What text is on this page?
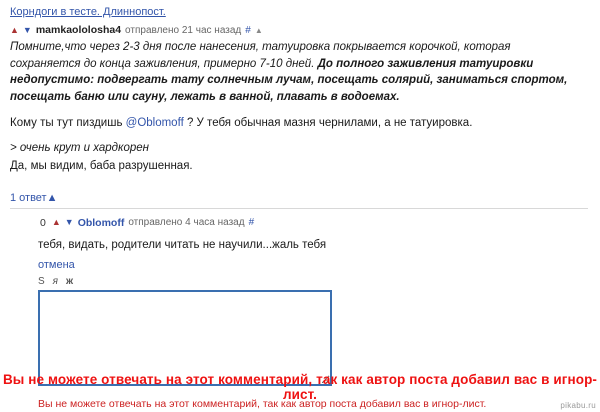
Корндоги в тесте. Длиннопост.
▲ ▼ mamkaololosha4 отправлено 21 час назад # ▲

Помните,что через 2-3 дня после нанесения, татуировка покрывается корочкой, которая сохраняется до конца заживления, примерно 7-10 дней. До полного заживления татуировки недопустимо: подвергать тату солнечным лучам, посещать солярий, заниматься спортом, посещать баню или сауну, лежать в ванной, плавать в водоемах.

Кому ты тут пиздишь @Oblomoff ? У тебя обычная мазня чернилами, а не татуировка.

> очень крут и хардкорен

Да, мы видим, баба разрушенная.

1 ответ▲
0 ▲ ▼ Oblomoff отправлено 4 часа назад #
тебя, видать, родители читать не научили...жаль тебя
отмена
S я ж
Вы не можете отвечать на этот комментарий, так как автор поста добавил вас в игнор-лист.
Вы не можете отвечать на этот комментарий, так как автор поста добавил вас в игнор-лист.
pikabu.ru
